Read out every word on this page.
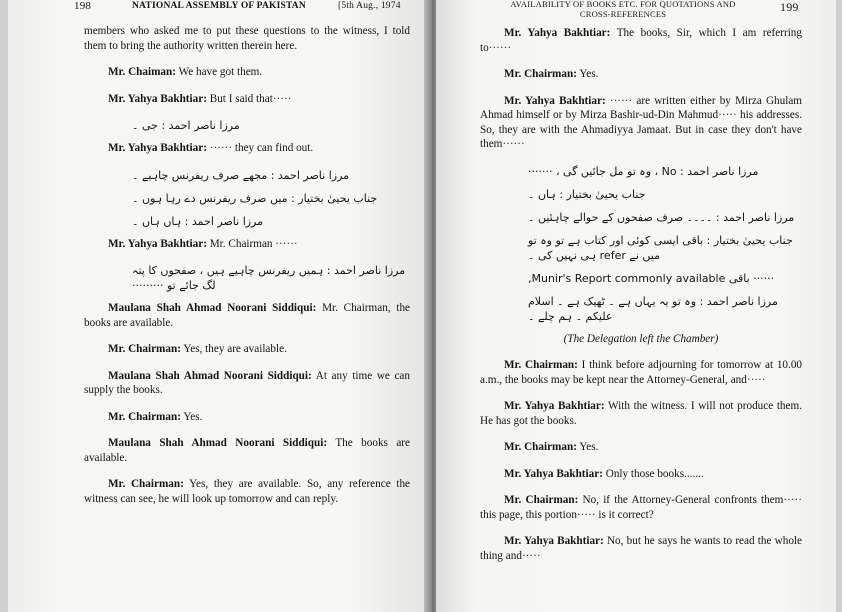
198	NATIONAL ASSEMBLY OF PAKISTAN	[5th Aug., 1974

members who asked me to put these questions to the witness, I told them to bring the authority written therein here.

Mr. Chaiman: We have got them.

Mr. Yahya Bakhtiar: But I said that·····

مرزا ناصر احمد : جی ۔

Mr. Yahya Bakhtiar: ······ they can find out.

مرزا ناصر احمد : مجھے صرف ریفرنس چاہیے ۔

جناب یحییٰ بختیار : میں صرف ریفرنس دے رہا ہوں ۔

مرزا ناصر احمد : ہاں ہاں ۔

Mr. Yahya Bakhtiar: Mr. Chairman ······

مرزا ناصر احمد : ہمیں ریفرنس چاہیے ہیں ، صفحوں کا پتہ لگ جائے تو ·········

Maulana Shah Ahmad Noorani Siddiqui: Mr. Chairman, the books are available.

Mr. Chairman: Yes, they are available.

Maulana Shah Ahmad Noorani Siddiqui: At any time we can supply the books.

Mr. Chairman: Yes.

Maulana Shah Ahmad Noorani Siddiqui: The books are available.

Mr. Chairman: Yes, they are available. So, any reference the witness can see, he will look up tomorrow and can reply.

AVAILABILITY OF BOOKS ETC. FOR QUOTATIONS AND
CROSS-REFERENCES	199

Mr. Yahya Bakhtiar: The books, Sir, which I am referring to······

Mr. Chairman: Yes.

Mr. Yahya Bakhtiar: ······ are written either by Mirza Ghulam Ahmad himself or by Mirza Bashir-ud-Din Mahmud····· his addresses. So, they are with the Ahmadiyya Jamaat. But in case they don't have them······

مرزا ناصر احمد : No ، وہ تو مل جائیں گی ، ·······

جناب یحییٰ بختیار : ہاں ۔

مرزا ناصر احمد : ۔۔۔۔ صرف صفحوں کے حوالے چاہئیں ۔

جناب یحییٰ بختیار : باقی ایسی کوئی اور کتاب ہے تو وہ تو میں نے refer ہی نہیں کی ۔

······ باقی Munir's Report commonly available,

مرزا ناصر احمد : وہ تو یہ یہاں ہے ۔ ٹھیک ہے ۔ اسلام علیکم ۔ ہم چلے ۔

(The Delegation left the Chamber)

Mr. Chairman: I think before adjourning for tomorrow at 10.00 a.m., the books may be kept near the Attorney-General, and·····

Mr. Yahya Bakhtiar: With the witness. I will not produce them. He has got the books.

Mr. Chairman: Yes.

Mr. Yahya Bakhtiar: Only those books.......

Mr. Chairman: No, if the Attorney-General confronts them····· this page, this portion····· is it correct?

Mr. Yahya Bakhtiar: No, but he says he wants to read the whole thing and·····
